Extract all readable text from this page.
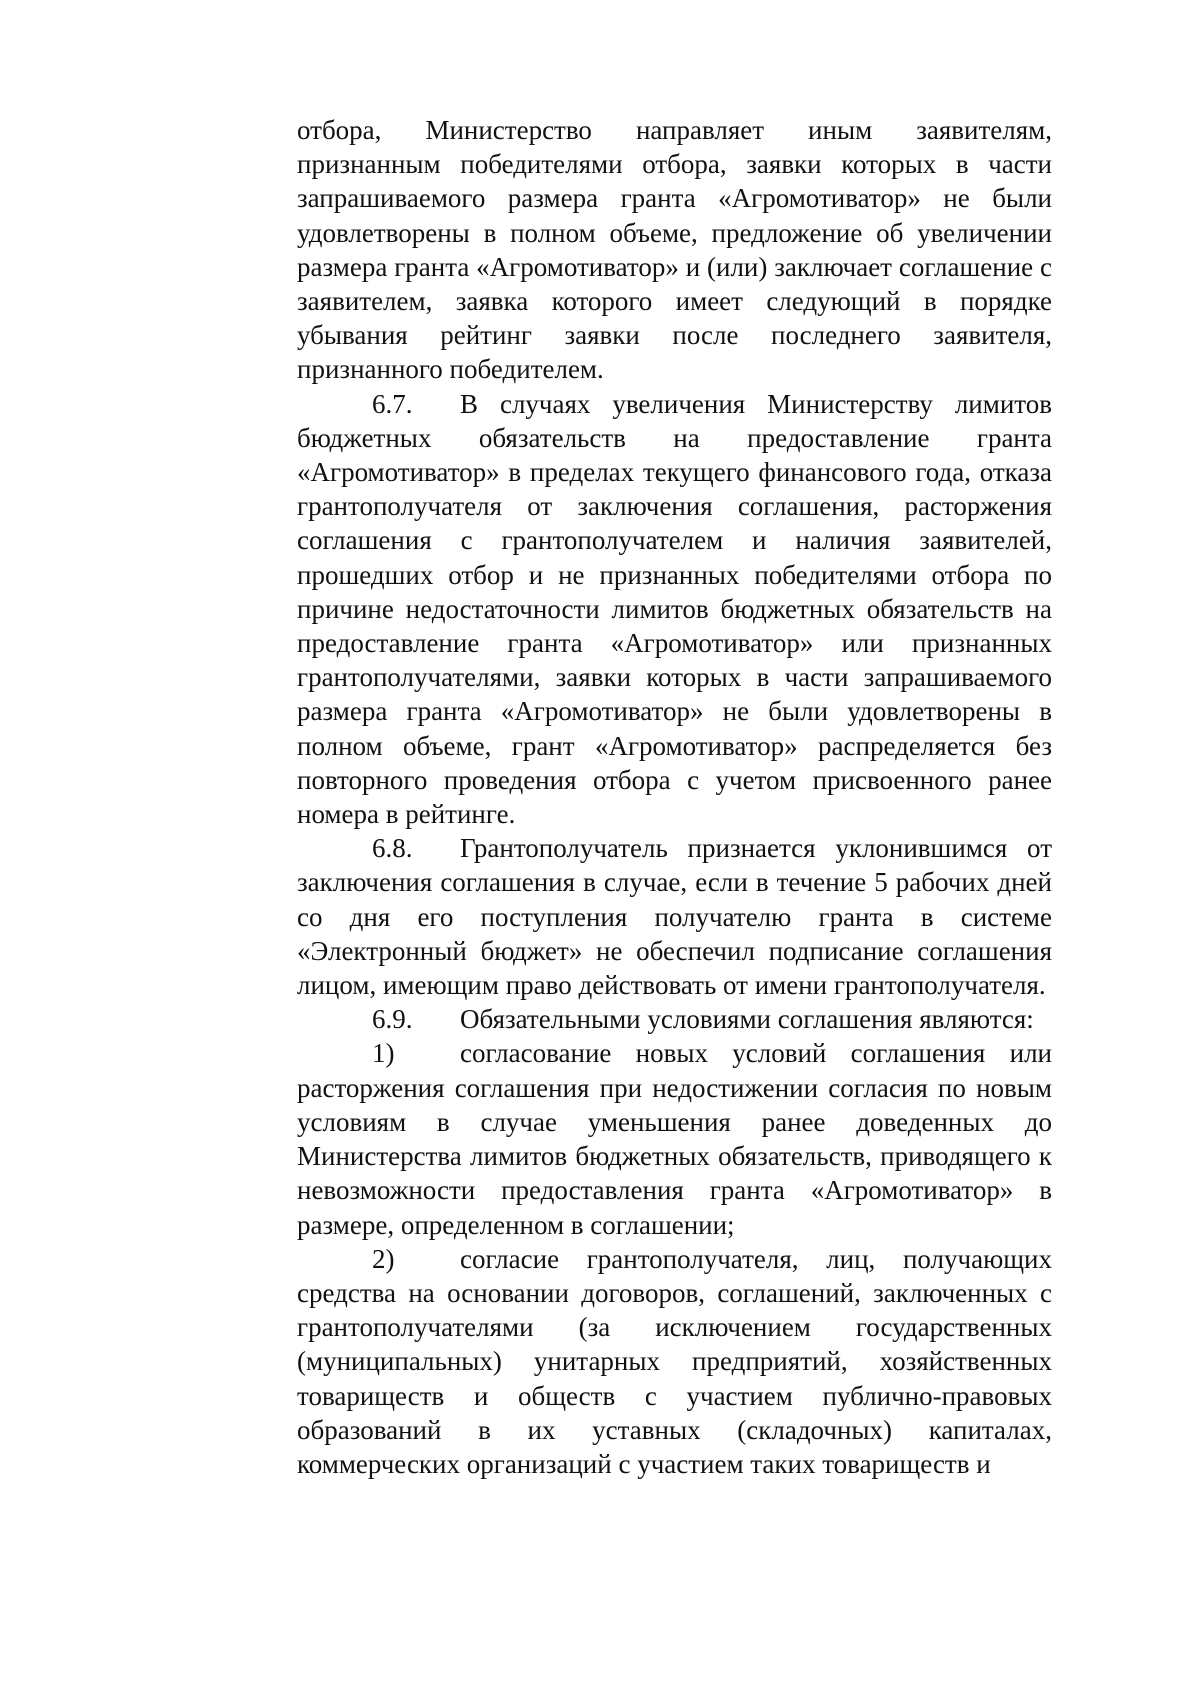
отбора, Министерство направляет иным заявителям, признанным победителями отбора, заявки которых в части запрашиваемого размера гранта «Агромотиватор» не были удовлетворены в полном объеме, предложение об увеличении размера гранта «Агромотиватор» и (или) заключает соглашение с заявителем, заявка которого имеет следующий в порядке убывания рейтинг заявки после последнего заявителя, признанного победителем.

6.7. В случаях увеличения Министерству лимитов бюджетных обязательств на предоставление гранта «Агромотиватор» в пределах текущего финансового года, отказа грантополучателя от заключения соглашения, расторжения соглашения с грантополучателем и наличия заявителей, прошедших отбор и не признанных победителями отбора по причине недостаточности лимитов бюджетных обязательств на предоставление гранта «Агромотиватор» или признанных грантополучателями, заявки которых в части запрашиваемого размера гранта «Агромотиватор» не были удовлетворены в полном объеме, грант «Агромотиватор» распределяется без повторного проведения отбора с учетом присвоенного ранее номера в рейтинге.

6.8. Грантополучатель признается уклонившимся от заключения соглашения в случае, если в течение 5 рабочих дней со дня его поступления получателю гранта в системе «Электронный бюджет» не обеспечил подписание соглашения лицом, имеющим право действовать от имени грантополучателя.

6.9. Обязательными условиями соглашения являются:

1) согласование новых условий соглашения или расторжения соглашения при недостижении согласия по новым условиям в случае уменьшения ранее доведенных до Министерства лимитов бюджетных обязательств, приводящего к невозможности предоставления гранта «Агромотиватор» в размере, определенном в соглашении;

2) согласие грантополучателя, лиц, получающих средства на основании договоров, соглашений, заключенных с грантополучателями (за исключением государственных (муниципальных) унитарных предприятий, хозяйственных товариществ и обществ с участием публично-правовых образований в их уставных (складочных) капиталах, коммерческих организаций с участием таких товариществ и
